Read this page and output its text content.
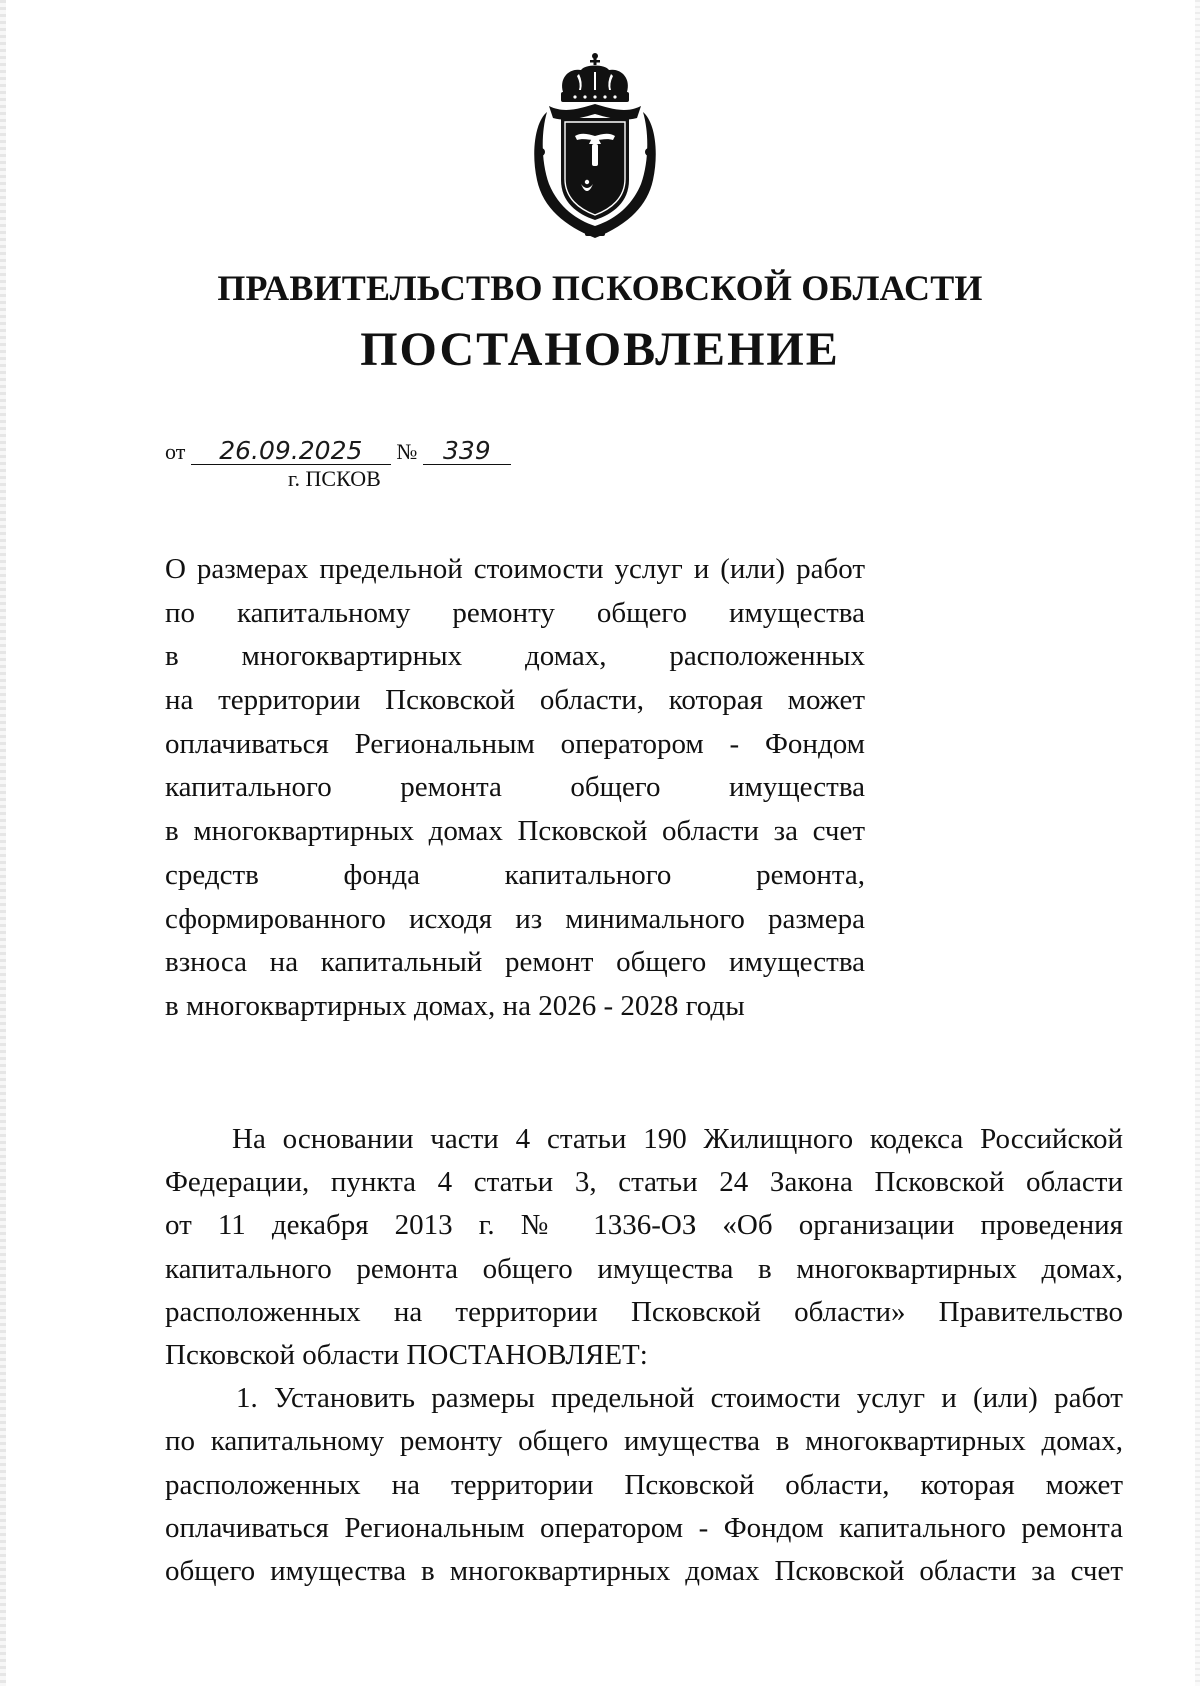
ПРАВИТЕЛЬСТВО ПСКОВСКОЙ ОБЛАСТИ
ПОСТАНОВЛЕНИЕ
от 26.09.2025 № 339
г. ПСКОВ
О размерах предельной стоимости услуг и (или) работ
по капитальному ремонту общего имущества
в многоквартирных домах, расположенных
на территории Псковской области, которая может
оплачиваться Региональным оператором - Фондом
капитального ремонта общего имущества
в многоквартирных домах Псковской области за счет
средств фонда капитального ремонта,
сформированного исходя из минимального размера
взноса на капитальный ремонт общего имущества
в многоквартирных домах, на 2026 - 2028 годы
На основании части 4 статьи 190 Жилищного кодекса Российской
Федерации, пункта 4 статьи 3, статьи 24 Закона Псковской области
от 11 декабря 2013 г. № 1336-ОЗ «Об организации проведения
капитального ремонта общего имущества в многоквартирных домах,
расположенных на территории Псковской области» Правительство
Псковской области ПОСТАНОВЛЯЕТ:
1. Установить размеры предельной стоимости услуг и (или) работ
по капитальному ремонту общего имущества в многоквартирных домах,
расположенных на территории Псковской области, которая может
оплачиваться Региональным оператором - Фондом капитального ремонта
общего имущества в многоквартирных домах Псковской области за счет
